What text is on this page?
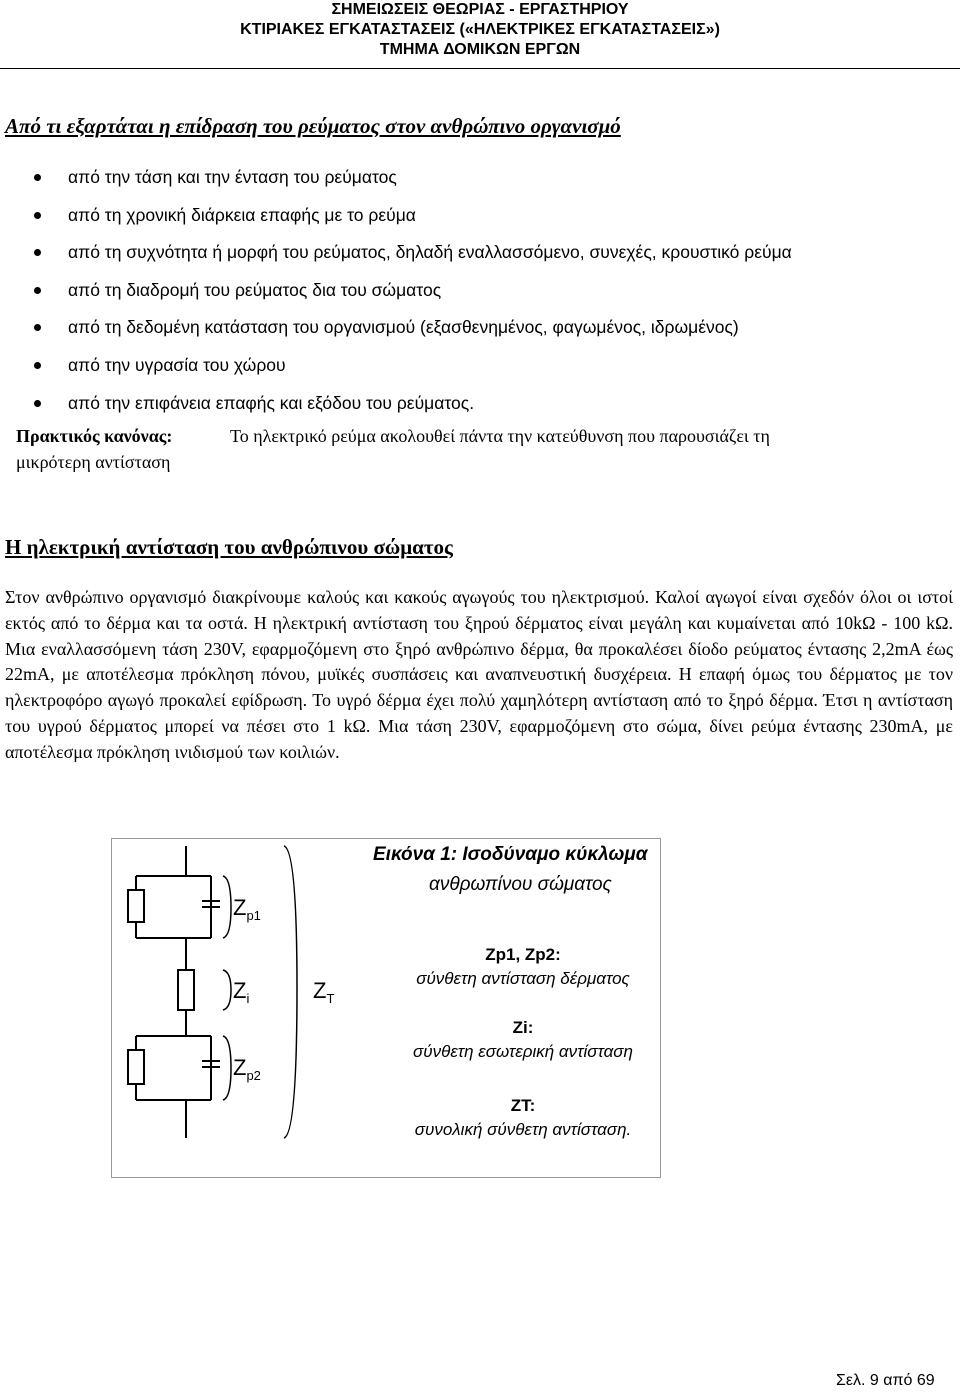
ΣΗΜΕΙΩΣΕΙΣ ΘΕΩΡΙΑΣ - ΕΡΓΑΣΤΗΡΙΟΥ
ΚΤΙΡΙΑΚΕΣ ΕΓΚΑΤΑΣΤΑΣΕΙΣ («ΗΛΕΚΤΡΙΚΕΣ ΕΓΚΑΤΑΣΤΑΣΕΙΣ»)
ΤΜΗΜΑ ΔΟΜΙΚΩΝ ΕΡΓΩΝ
Από τι εξαρτάται η επίδραση του ρεύματος στον ανθρώπινο οργανισμό
από την τάση και την ένταση του ρεύματος
από τη χρονική διάρκεια επαφής με το ρεύμα
από τη συχνότητα ή μορφή του ρεύματος, δηλαδή εναλλασσόμενο, συνεχές, κρουστικό ρεύμα
από τη διαδρομή του ρεύματος δια του σώματος
από τη δεδομένη κατάσταση του οργανισμού (εξασθενημένος, φαγωμένος, ιδρωμένος)
από την υγρασία του χώρου
από την επιφάνεια επαφής και εξόδου του ρεύματος.
Πρακτικός κανόνας:	Το ηλεκτρικό ρεύμα ακολουθεί πάντα την κατεύθυνση που παρουσιάζει τη
μικρότερη αντίσταση
Η ηλεκτρική αντίσταση του ανθρώπινου σώματος
Στον ανθρώπινο οργανισμό διακρίνουμε καλούς και κακούς αγωγούς του ηλεκτρισμού. Καλοί αγωγοί είναι σχεδόν όλοι οι ιστοί εκτός από το δέρμα και τα οστά. Η ηλεκτρική αντίσταση του ξηρού δέρματος είναι μεγάλη και κυμαίνεται από 10kΩ - 100 kΩ. Μια εναλλασσόμενη τάση 230V, εφαρμοζόμενη στο ξηρό ανθρώπινο δέρμα, θα προκαλέσει δίοδο ρεύματος έντασης 2,2mA έως 22mA, με αποτέλεσμα πρόκληση πόνου, μυϊκές συσπάσεις και αναπνευστική δυσχέρεια. Η επαφή όμως του δέρματος με τον ηλεκτροφόρο αγωγό προκαλεί εφίδρωση. Το υγρό δέρμα έχει πολύ χαμηλότερη αντίσταση από το ξηρό δέρμα. Έτσι η αντίσταση του υγρού δέρματος μπορεί να πέσει στο 1 kΩ. Μια τάση 230V, εφαρμοζόμενη στο σώμα, δίνει ρεύμα έντασης 230mA, με αποτέλεσμα πρόκληση ινιδισμού των κοιλιών.
$Z_{p1}$
$Z_i$
$Z_{p2}$
$Z_T$
Εικόνα 1: Ισοδύναμο κύκλωμα
ανθρωπίνου σώματος
Zp1, Zp2:
σύνθετη αντίσταση δέρματος
Zi:
σύνθετη εσωτερική αντίσταση
ZT:
συνολική σύνθετη αντίσταση.
Σελ. 9 από 69
